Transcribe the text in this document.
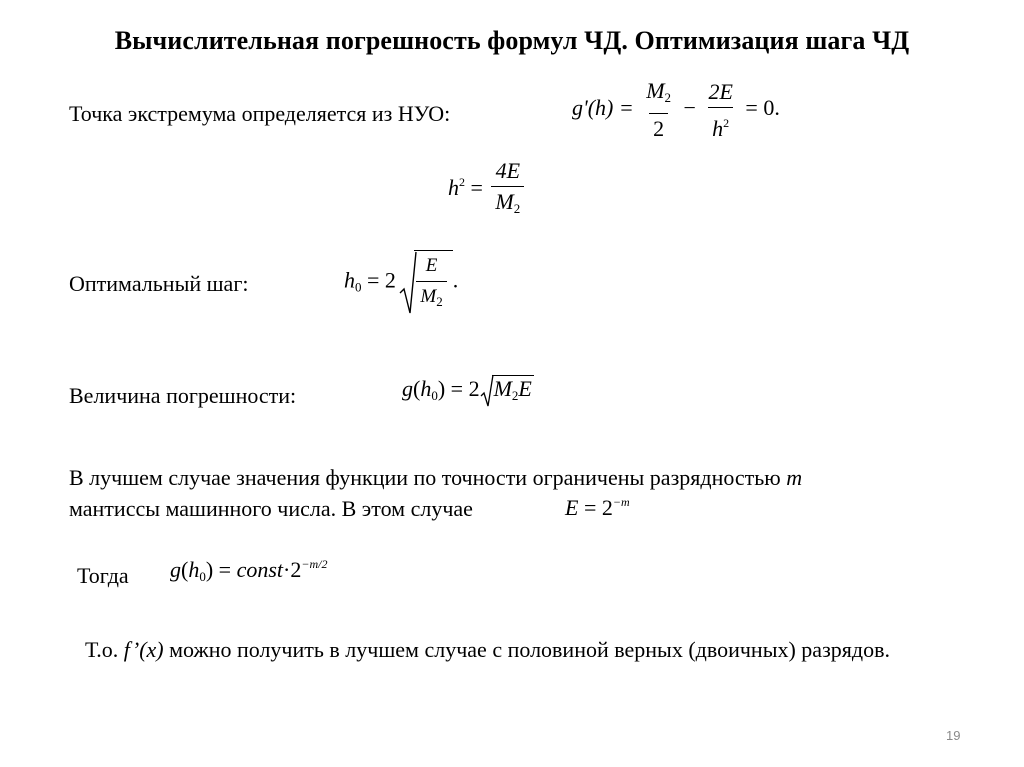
Вычислительная погрешность формул ЧД. Оптимизация шага ЧД
Точка экстремума определяется из НУО:	$g'(h) = \frac{M_2}{2} - \frac{2E}{h^2} = 0$.
$h^2 = \frac{4E}{M_2}$
Оптимальный шаг:	$h_0 = 2 \frac{E}{M_2}$ .
Величина погрешности:	$g(h_0) = 2$ $M_2E$
В лучшем случае значения функции по точности ограничены разрядностью m
мантиссы машинного числа. В этом случае	$E = 2^{-m}$
Тогда $g(h_0)$ = $const\cdot 2^{-m/2}$
Т.о. f’(x) можно получить в лучшем случае с половиной верных (двоичных) разрядов.
19
